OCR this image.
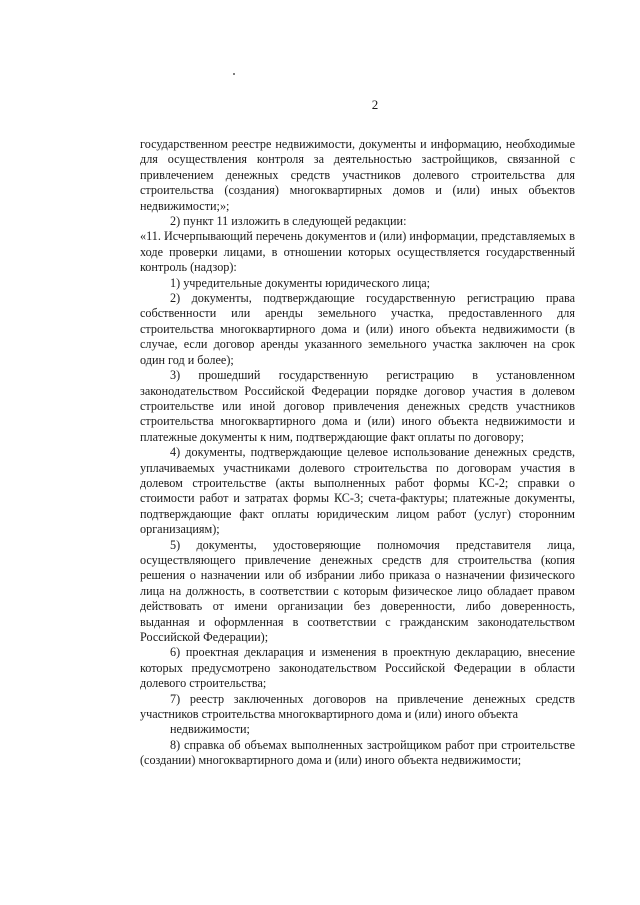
2

государственном реестре недвижимости, документы и информацию, необходимые для осуществления контроля за деятельностью застройщиков, связанной с привлечением денежных средств участников долевого строительства для строительства (создания) многоквартирных домов и (или) иных объектов недвижимости;»;

2) пункт 11 изложить в следующей редакции:

«11. Исчерпывающий перечень документов и (или) информации, представляемых в ходе проверки лицами, в отношении которых осуществляется государственный контроль (надзор):

1) учредительные документы юридического лица;

2) документы, подтверждающие государственную регистрацию права собственности или аренды земельного участка, предоставленного для строительства многоквартирного дома и (или) иного объекта недвижимости (в случае, если договор аренды указанного земельного участка заключен на срок один год и более);

3) прошедший государственную регистрацию в установленном законодательством Российской Федерации порядке договор участия в долевом строительстве или иной договор привлечения денежных средств участников строительства многоквартирного дома и (или) иного объекта недвижимости и платежные документы к ним, подтверждающие факт оплаты по договору;

4) документы, подтверждающие целевое использование денежных средств, уплачиваемых участниками долевого строительства по договорам участия в долевом строительстве (акты выполненных работ формы КС-2; справки о стоимости работ и затратах формы КС-3; счета-фактуры; платежные документы, подтверждающие факт оплаты юридическим лицом работ (услуг) сторонним организациям);

5) документы, удостоверяющие полномочия представителя лица, осуществляющего привлечение денежных средств для строительства (копия решения о назначении или об избрании либо приказа о назначении физического лица на должность, в соответствии с которым физическое лицо обладает правом действовать от имени организации без доверенности, либо доверенность, выданная и оформленная в соответствии с гражданским законодательством Российской Федерации);

6) проектная декларация и изменения в проектную декларацию, внесение которых предусмотрено законодательством Российской Федерации в области долевого строительства;

7) реестр заключенных договоров на привлечение денежных средств участников строительства многоквартирного дома и (или) иного объекта

недвижимости;

8) справка об объемах выполненных застройщиком работ при строительстве (создании) многоквартирного дома и (или) иного объекта недвижимости;
